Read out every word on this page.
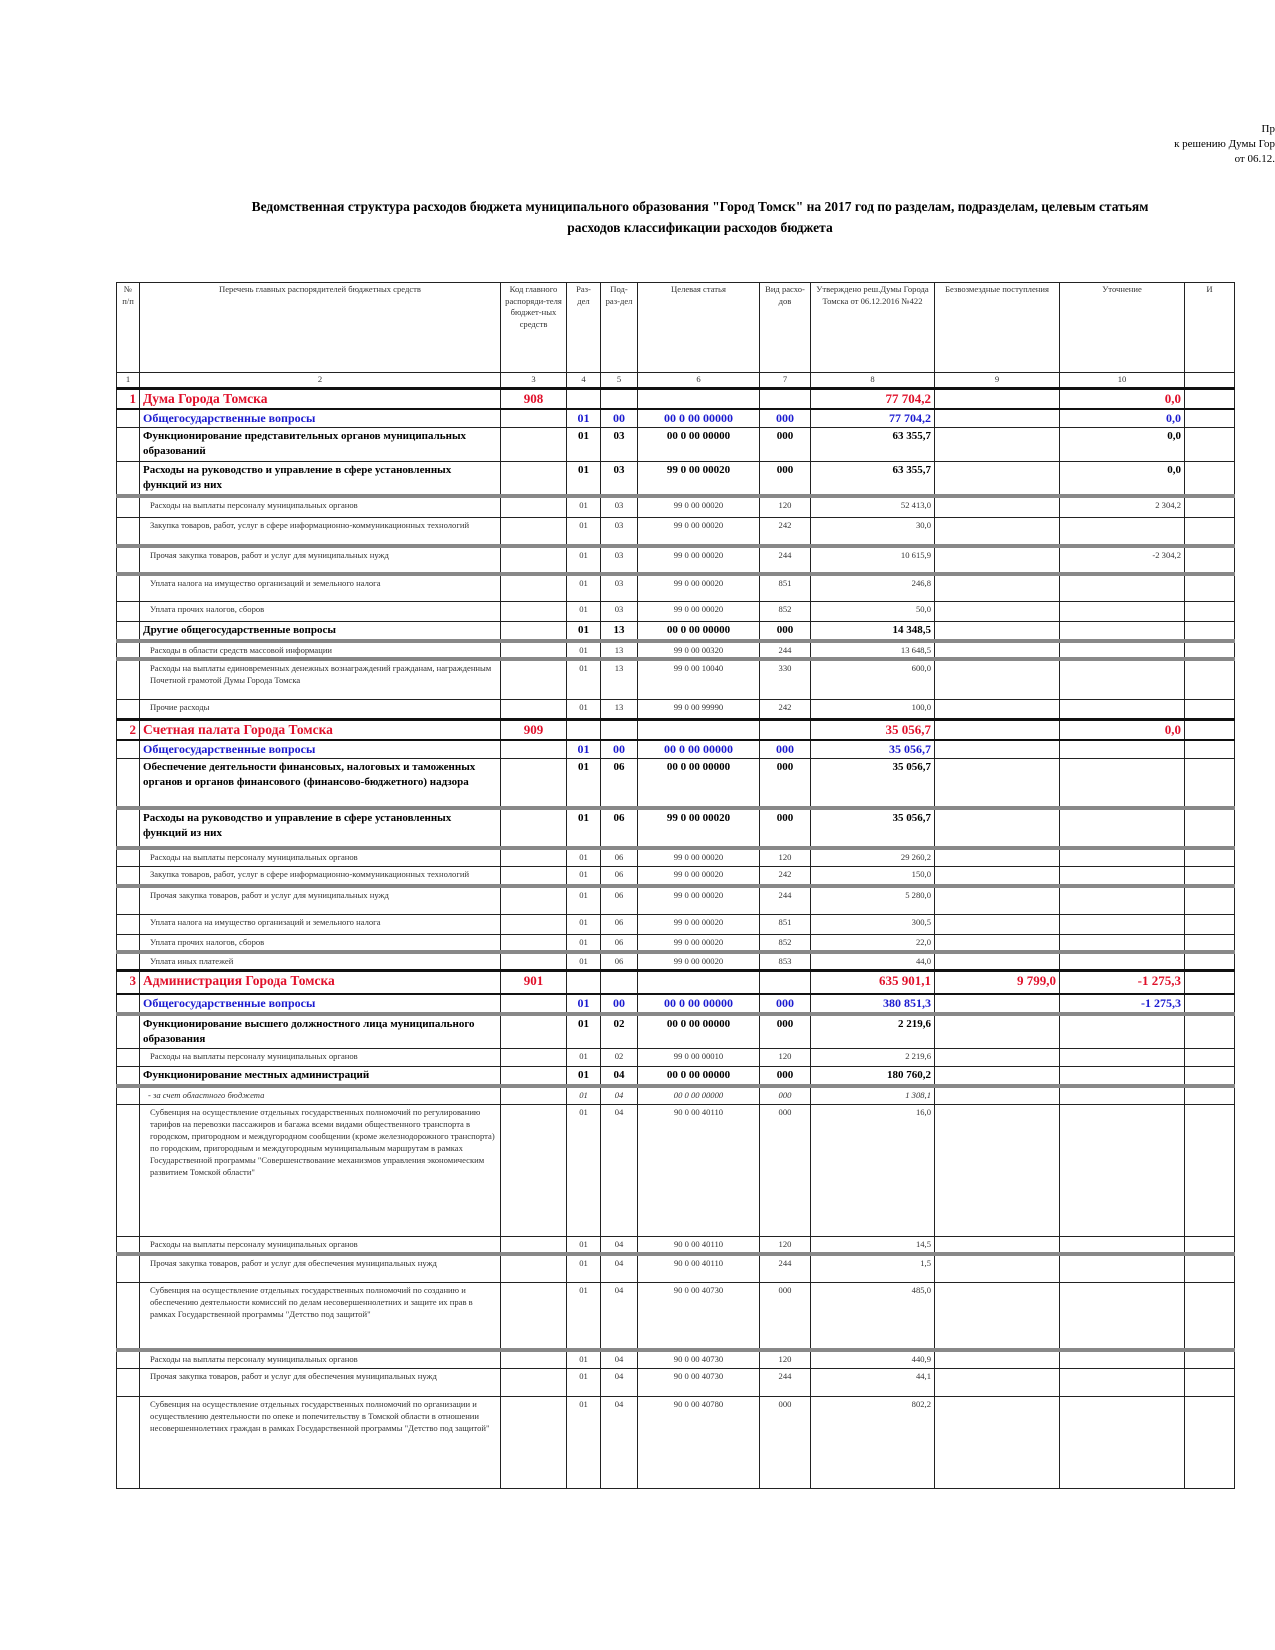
Пр
к решению Думы Гор
от 06.12.
Ведомственная структура расходов бюджета муниципального образования "Город Томск" на 2017 год по разделам, подразделам, целевым статьям
расходов классификации расходов бюджета
№ п/п	Перечень главных распорядителей бюджетных средств	Код главного распоряди-теля бюджет-ных средств	Раз-дел	Под-раз-дел	Целевая статья	Вид расхо-дов	Утверждено реш.Думы Города Томска от 06.12.2016 №422	Безвозмездные поступления	Уточнение	И
1	2	3	4	5	6	7	8	9	10	
1	Дума Города Томска	908					77 704,2		0,0	
	Общегосударственные вопросы		01	00	00 0 00 00000	000	77 704,2		0,0	
	Функционирование представительных органов муниципальных образований		01	03	00 0 00 00000	000	63 355,7		0,0	
	Расходы на руководство и управление в сфере установленных функций из них		01	03	99 0 00 00020	000	63 355,7		0,0	
	Расходы на выплаты персоналу муниципальных органов		01	03	99 0 00 00020	120	52 413,0		2 304,2	
	Закупка товаров, работ, услуг в сфере информационно-коммуникационных технологий		01	03	99 0 00 00020	242	30,0			
	Прочая закупка товаров, работ и услуг для муниципальных нужд		01	03	99 0 00 00020	244	10 615,9		-2 304,2	
	Уплата налога на имущество организаций и земельного налога		01	03	99 0 00 00020	851	246,8			
	Уплата прочих налогов, сборов		01	03	99 0 00 00020	852	50,0			
	Другие общегосударственные вопросы		01	13	00 0 00 00000	000	14 348,5			
	Расходы в области средств массовой информации		01	13	99 0 00 00320	244	13 648,5			
	Расходы на выплаты единовременных денежных вознаграждений гражданам, награжденным Почетной грамотой Думы Города Томска		01	13	99 0 00 10040	330	600,0			
	Прочие расходы		01	13	99 0 00 99990	242	100,0			
2	Счетная палата Города Томска	909					35 056,7		0,0	
	Общегосударственные вопросы		01	00	00 0 00 00000	000	35 056,7			
	Обеспечение деятельности финансовых, налоговых и таможенных органов и органов финансового (финансово-бюджетного) надзора		01	06	00 0 00 00000	000	35 056,7			
	Расходы на руководство и управление в сфере установленных функций из них		01	06	99 0 00 00020	000	35 056,7			
	Расходы на выплаты персоналу муниципальных органов		01	06	99 0 00 00020	120	29 260,2			
	Закупка товаров, работ, услуг в сфере информационно-коммуникационных технологий		01	06	99 0 00 00020	242	150,0			
	Прочая закупка товаров, работ и услуг для муниципальных нужд		01	06	99 0 00 00020	244	5 280,0			
	Уплата налога на имущество организаций и земельного налога		01	06	99 0 00 00020	851	300,5			
	Уплата прочих налогов, сборов		01	06	99 0 00 00020	852	22,0			
	Уплата иных платежей		01	06	99 0 00 00020	853	44,0			
3	Администрация Города Томска	901					635 901,1	9 799,0	-1 275,3	
	Общегосударственные вопросы		01	00	00 0 00 00000	000	380 851,3		-1 275,3	
	Функционирование высшего должностного лица муниципального образования		01	02	00 0 00 00000	000	2 219,6			
	Расходы на выплаты персоналу муниципальных органов		01	02	99 0 00 00010	120	2 219,6			
	Функционирование местных администраций		01	04	00 0 00 00000	000	180 760,2			
	- за счет областного бюджета		01	04	00 0 00 00000	000	1 308,1			
	Субвенция на осуществление отдельных государственных полномочий по регулированию тарифов на перевозки пассажиров и багажа всеми видами общественного транспорта в городском, пригородном и междугородном сообщении (кроме железнодорожного транспорта) по городским, пригородным и междугородным муниципальным маршрутам в рамках Государственной программы "Совершенствование механизмов управления экономическим развитием Томской области"		01	04	90 0 00 40110	000	16,0			
	Расходы на выплаты персоналу муниципальных органов		01	04	90 0 00 40110	120	14,5			
	Прочая закупка товаров, работ и услуг для обеспечения муниципальных нужд		01	04	90 0 00 40110	244	1,5			
	Субвенция на осуществление отдельных государственных полномочий по созданию и обеспечению деятельности комиссий по делам несовершеннолетних и защите их прав в рамках Государственной программы "Детство под защитой"		01	04	90 0 00 40730	000	485,0			
	Расходы на выплаты персоналу муниципальных органов		01	04	90 0 00 40730	120	440,9			
	Прочая закупка товаров, работ и услуг для обеспечения муниципальных нужд		01	04	90 0 00 40730	244	44,1			
	Субвенция на осуществление отдельных государственных полномочий по организации и осуществлению деятельности по опеке и попечительству в Томской области в отношении несовершеннолетних граждан в рамках Государственной программы "Детство под защитой"		01	04	90 0 00 40780	000	802,2			
